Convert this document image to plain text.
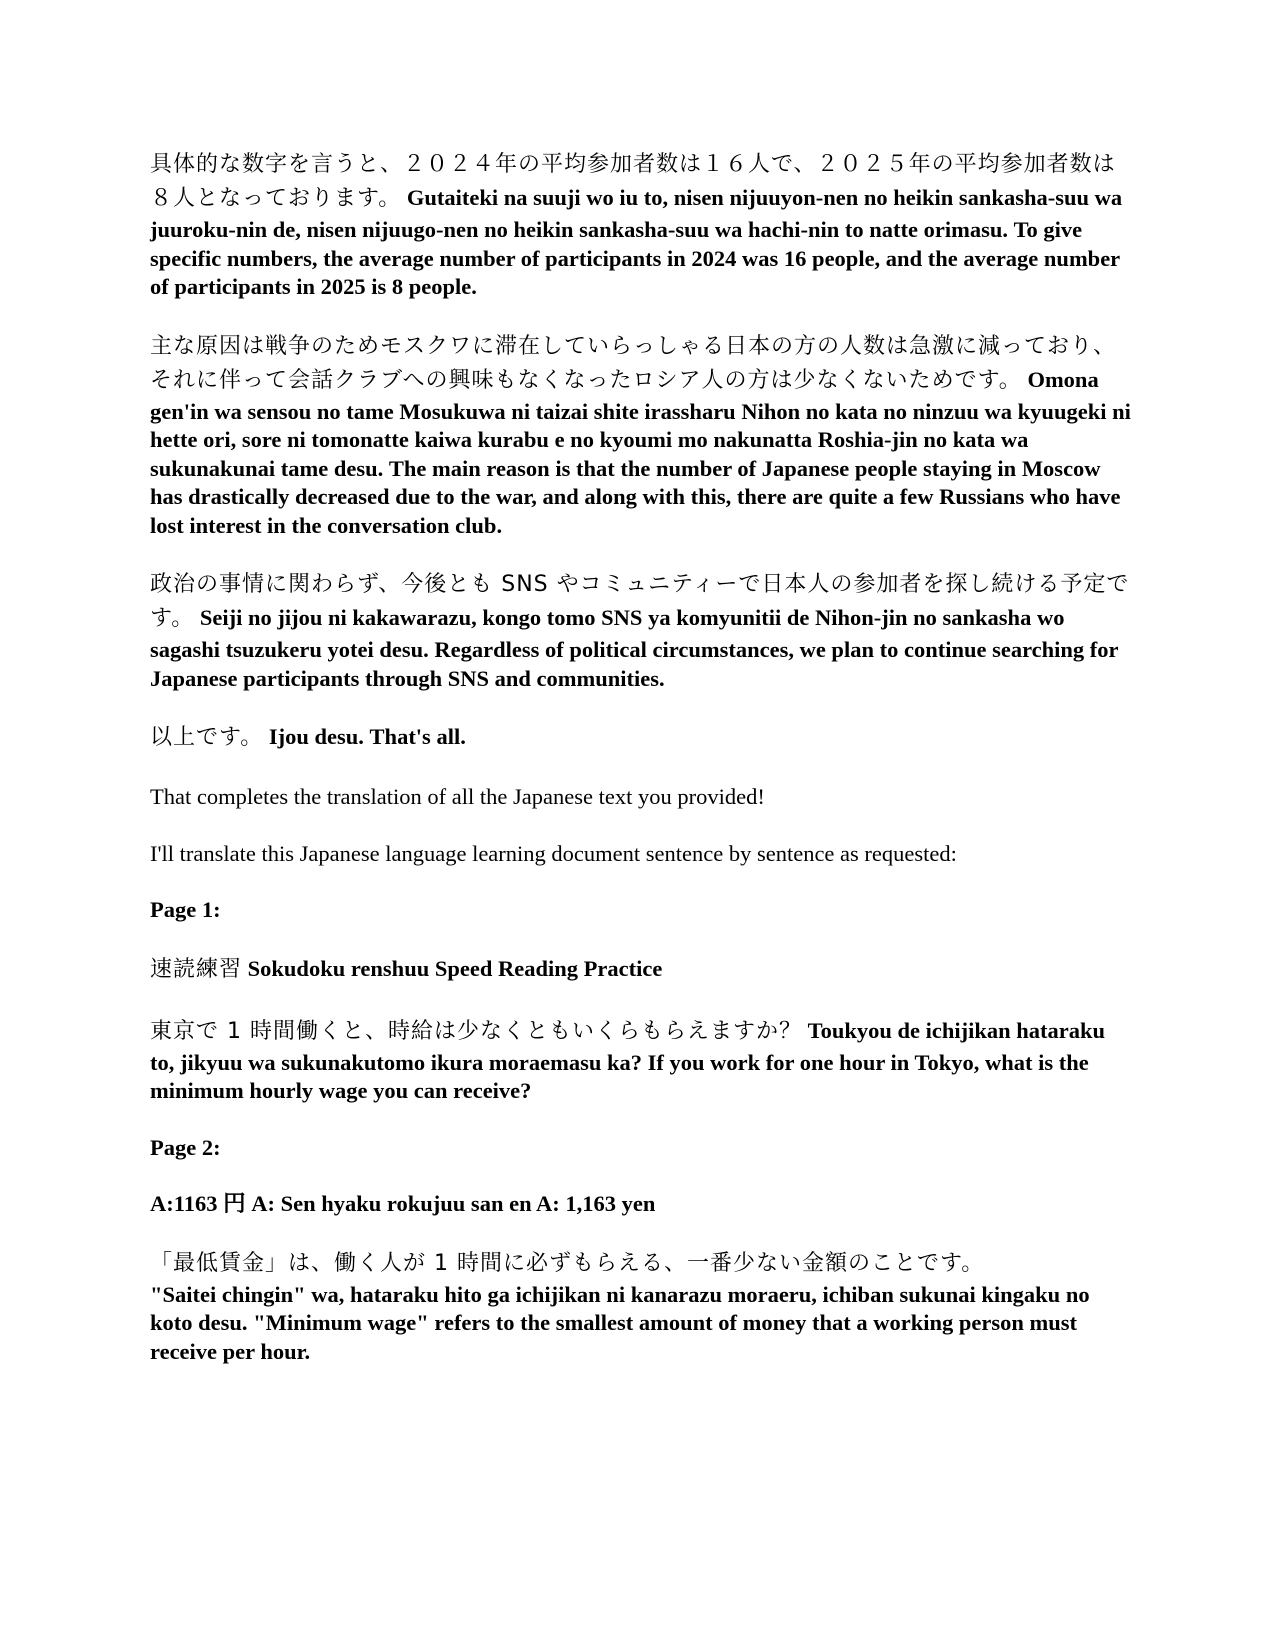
具体的な数字を言うと、２０２４年の平均参加者数は１６人で、２０２５年の平均参加者数は８人となっております。 Gutaiteki na suuji wo iu to, nisen nijuuyon-nen no heikin sankasha-suu wa juuroku-nin de, nisen nijuugo-nen no heikin sankasha-suu wa hachi-nin to natte orimasu. To give specific numbers, the average number of participants in 2024 was 16 people, and the average number of participants in 2025 is 8 people.

主な原因は戦争のためモスクワに滞在していらっしゃる日本の方の人数は急激に減っており、それに伴って会話クラブへの興味もなくなったロシア人の方は少なくないためです。 Omona gen'in wa sensou no tame Mosukuwa ni taizai shite irassharu Nihon no kata no ninzuu wa kyuugeki ni hette ori, sore ni tomonatte kaiwa kurabu e no kyoumi mo nakunatta Roshia-jin no kata wa sukunakunai tame desu. The main reason is that the number of Japanese people staying in Moscow has drastically decreased due to the war, and along with this, there are quite a few Russians who have lost interest in the conversation club.

政治の事情に関わらず、今後とも SNS やコミュニティーで日本人の参加者を探し続ける予定です。 Seiji no jijou ni kakawarazu, kongo tomo SNS ya komyunitii de Nihon-jin no sankasha wo sagashi tsuzukeru yotei desu. Regardless of political circumstances, we plan to continue searching for Japanese participants through SNS and communities.

以上です。 Ijou desu. That's all.

That completes the translation of all the Japanese text you provided!

I'll translate this Japanese language learning document sentence by sentence as requested:

Page 1:

速読練習 Sokudoku renshuu Speed Reading Practice

東京で 1 時間働くと、時給は少なくともいくらもらえますか？ Toukyou de ichijikan hataraku to, jikyuu wa sukunakutomo ikura moraemasu ka? If you work for one hour in Tokyo, what is the minimum hourly wage you can receive?

Page 2:

A:1163 円 A: Sen hyaku rokujuu san en A: 1,163 yen

「最低賃金」は、働く人が 1 時間に必ずもらえる、一番少ない金額のことです。
"Saitei chingin" wa, hataraku hito ga ichijikan ni kanarazu moraeru, ichiban sukunai kingaku no koto desu. "Minimum wage" refers to the smallest amount of money that a working person must receive per hour.
